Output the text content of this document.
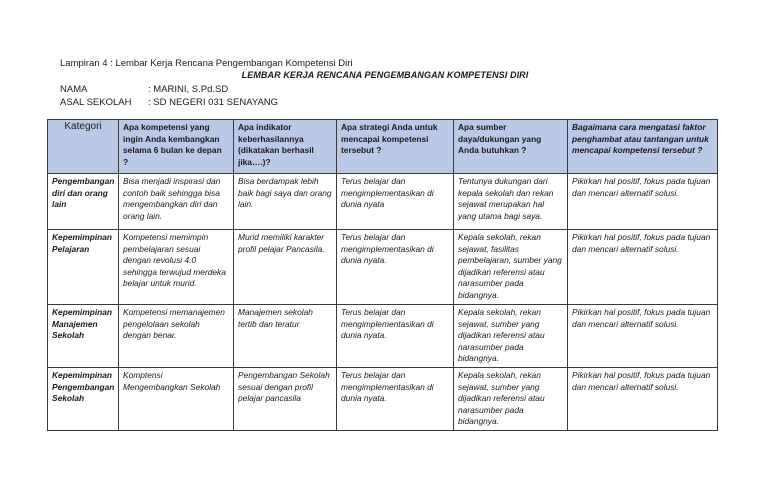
Lampiran 4 : Lembar Kerja Rencana Pengembangan Kompetensi Diri
LEMBAR KERJA RENCANA PENGEMBANGAN KOMPETENSI DIRI
NAMA	: MARINI, S.Pd.SD
ASAL SEKOLAH : SD NEGERI 031 SENAYANG
Kategori	Apa kompetensi yang ingin Anda kembangkan selama 6 bulan ke depan ?	Apa indikator keberhasilannya (dikatakan berhasil jika….)?	Apa strategi Anda untuk mencapai kompetensi tersebut ?	Apa sumber daya/dukungan yang Anda butuhkan ?	Bagaimana cara mengatasi faktor penghambat atau tantangan untuk mencapai kompetensi tersebut ?
Pengembangan diri dan orang lain	Bisa menjadi inspirasi dan contoh baik sehingga bisa mengembangkan diri dan orang lain.	Bisa berdampak lebih baik bagi saya dan orang lain.	Terus belajar dan mengimplementasikan di dunia nyata	Tentunya dukungan dari kepala sekolah dan rekan sejawat merupakan hal yang utama bagi saya.	Pikirkan hal positif, fokus pada tujuan dan mencari alternatif solusi.
Kepemimpinan Pelajaran	Kompetensi memimpin pembelajaran sesuai dengan revolusi 4.0 sehingga terwujud merdeka belajar untuk murid.	Murid memiliki karakter profil pelajar Pancasila.	Terus belajar dan mengimplementasikan di dunia nyata.	Kepala sekolah, rekan sejawat, fasilitas pembelajaran, sumber yang dijadikan referensi atau narasumber pada bidangnya.	Pikirkan hal positif, fokus pada tujuan dan mencari alternatif solusi.
Kepemimpinan Manajemen Sekolah	Kompetensi memanajemen pengelolaan sekolah dengan benar.	Manajemen sekolah tertib dan teratur	Terus belajar dan mengimplementasikan di dunia nyata.	Kepala sekolah, rekan sejawat, sumber yang dijadikan referensi atau narasumber pada bidangnya.	Pikirkan hal positif, fokus pada tujuan dan mencari alternatif solusi.
Kepemimpinan Pengembangan Sekolah	Komptensi Mengembangkan Sekolah	Pengembangan Sekolah sesuai dengan profil pelajar pancasila	Terus belajar dan mengimplementasikan di dunia nyata.	Kepala sekolah, rekan sejawat, sumber yang dijadikan referensi atau narasumber pada bidangnya.	Pikirkan hal positif, fokus pada tujuan dan mencari alternatif solusi.
